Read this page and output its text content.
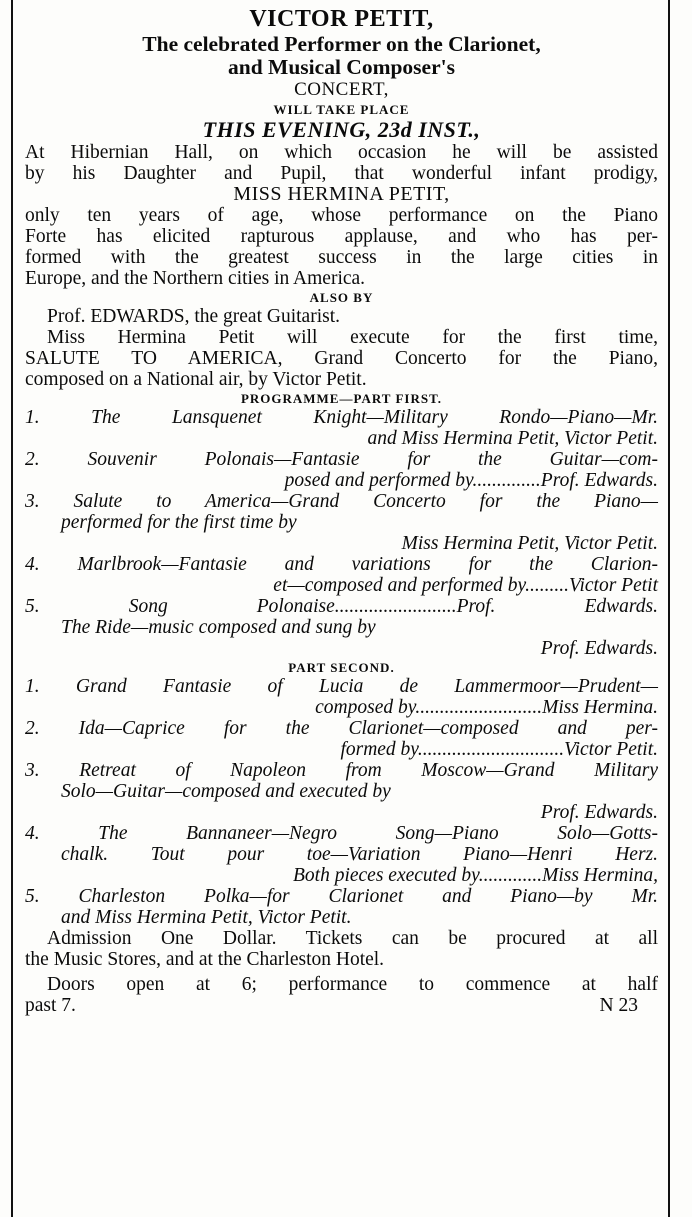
VICTOR PETIT,
The celebrated Performer on the Clarionet,
and Musical Composer's
CONCERT,
WILL TAKE PLACE
THIS EVENING, 23d INST.,
At Hibernian Hall, on which occasion he will be assisted
by his Daughter and Pupil, that wonderful infant prodigy,
MISS HERMINA PETIT,
only ten years of age, whose performance on the Piano
Forte has elicited rapturous applause, and who has per-
formed with the greatest success in the large cities in
Europe, and the Northern cities in America.
ALSO BY
Prof. EDWARDS, the great Guitarist.
Miss Hermina Petit will execute for the first time,
SALUTE TO AMERICA, Grand Concerto for the Piano,
composed on a National air, by Victor Petit.
PROGRAMME—PART FIRST.
1. The Lansquenet Knight—Military Rondo—Piano—Mr.
and Miss Hermina Petit, Victor Petit.
2. Souvenir Polonais—Fantasie for the Guitar—com-
posed and performed by..............Prof. Edwards.
3. Salute to America—Grand Concerto for the Piano—
performed for the first time by
Miss Hermina Petit, Victor Petit.
4. Marlbrook—Fantasie and variations for the Clarion-
et—composed and performed by.........Victor Petit
5. Song Polonaise.........................Prof. Edwards.
The Ride—music composed and sung by
Prof. Edwards.
PART SECOND.
1. Grand Fantasie of Lucia de Lammermoor—Prudent—
composed by..........................Miss Hermina.
2. Ida—Caprice for the Clarionet—composed and per-
formed by..............................Victor Petit.
3. Retreat of Napoleon from Moscow—Grand Military
Solo—Guitar—composed and executed by
Prof. Edwards.
4. The Bannaneer—Negro Song—Piano Solo—Gotts-
chalk. Tout pour toe—Variation Piano—Henri Herz.
Both pieces executed by.............Miss Hermina,
5. Charleston Polka—for Clarionet and Piano—by Mr.
and Miss Hermina Petit, Victor Petit.
Admission One Dollar. Tickets can be procured at all
the Music Stores, and at the Charleston Hotel.
Doors open at 6; performance to commence at half
past 7.	N 23
